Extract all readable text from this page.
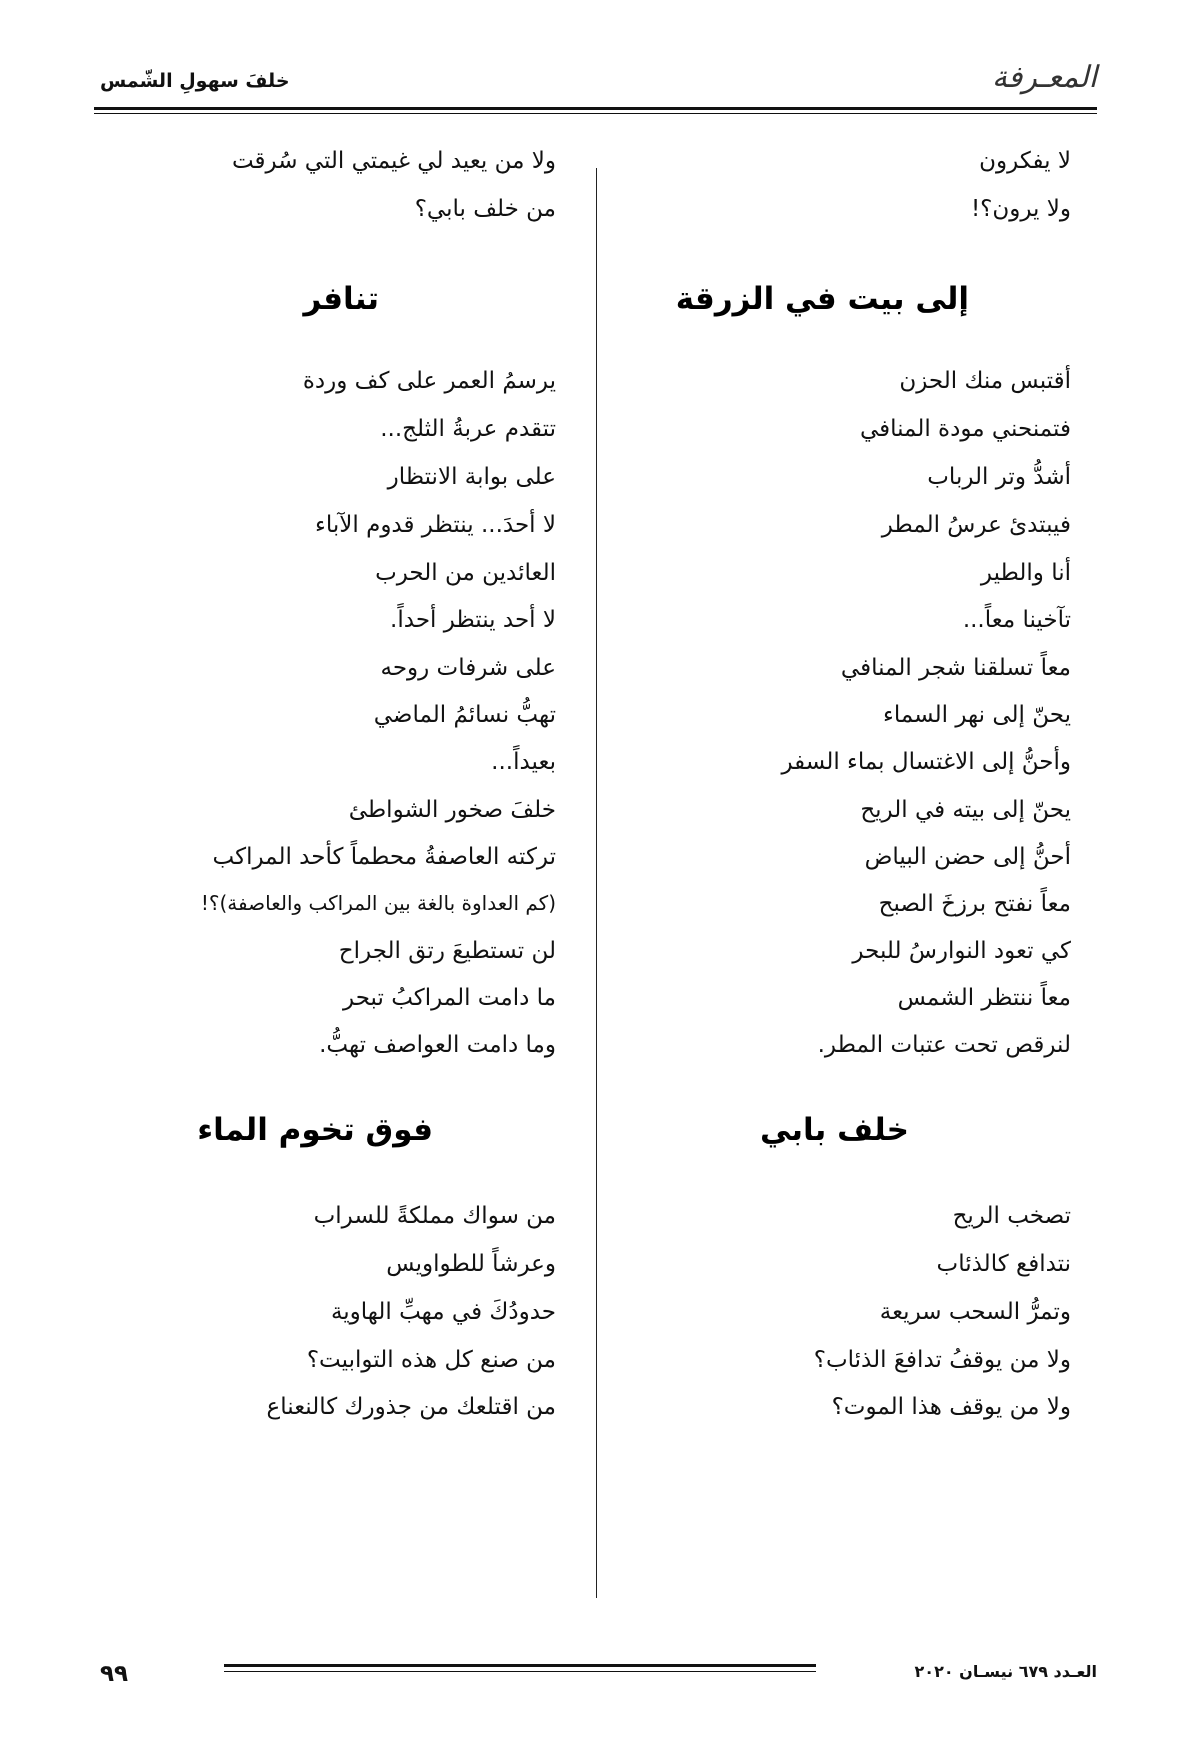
المعـرفة
خلفَ سهولِ الشّمس
لا يفكرون
ولا يرون؟!
إلى بيت في الزرقة
أقتبس منك الحزن
فتمنحني مودة المنافي
أشدُّ وتر الرباب
فيبتدئ عرسُ المطر
أنا والطير
تآخينا معاً...
معاً تسلقنا شجر المنافي
يحنّ إلى نهر السماء
وأحنُّ إلى الاغتسال بماء السفر
يحنّ إلى بيته في الريح
أحنُّ إلى حضن البياض
معاً نفتح برزخَ الصبح
كي تعود النوارسُ للبحر
معاً ننتظر الشمس
لنرقص تحت عتبات المطر.
خلف بابي
تصخب الريح
نتدافع كالذئاب
وتمرُّ السحب سريعة
ولا من يوقفُ تدافعَ الذئاب؟
ولا من يوقف هذا الموت؟
ولا من يعيد لي غيمتي التي سُرقت
من خلف بابي؟
تنافر
يرسمُ العمر على كف وردة
تتقدم عربةُ الثلج...
على بوابة الانتظار
لا أحدَ... ينتظر قدوم الآباء
العائدين من الحرب
لا أحد ينتظر أحداً.
على شرفات روحه
تهبُّ نسائمُ الماضي
بعيداً...
خلفَ صخور الشواطئ
تركته العاصفةُ محطماً كأحد المراكب
(كم العداوة بالغة بين المراكب والعاصفة)؟!
لن تستطيعَ رتق الجراح
ما دامت المراكبُ تبحر
وما دامت العواصف تهبُّ.
فوق تخوم الماء
من سواك مملكةً للسراب
وعرشاً للطواويس
حدودُكَ في مهبِّ الهاوية
من صنع كل هذه التوابيت؟
من اقتلعك من جذورك كالنعناع
٩٩	العـدد ٦٧٩ نيسـان ٢٠٢٠
